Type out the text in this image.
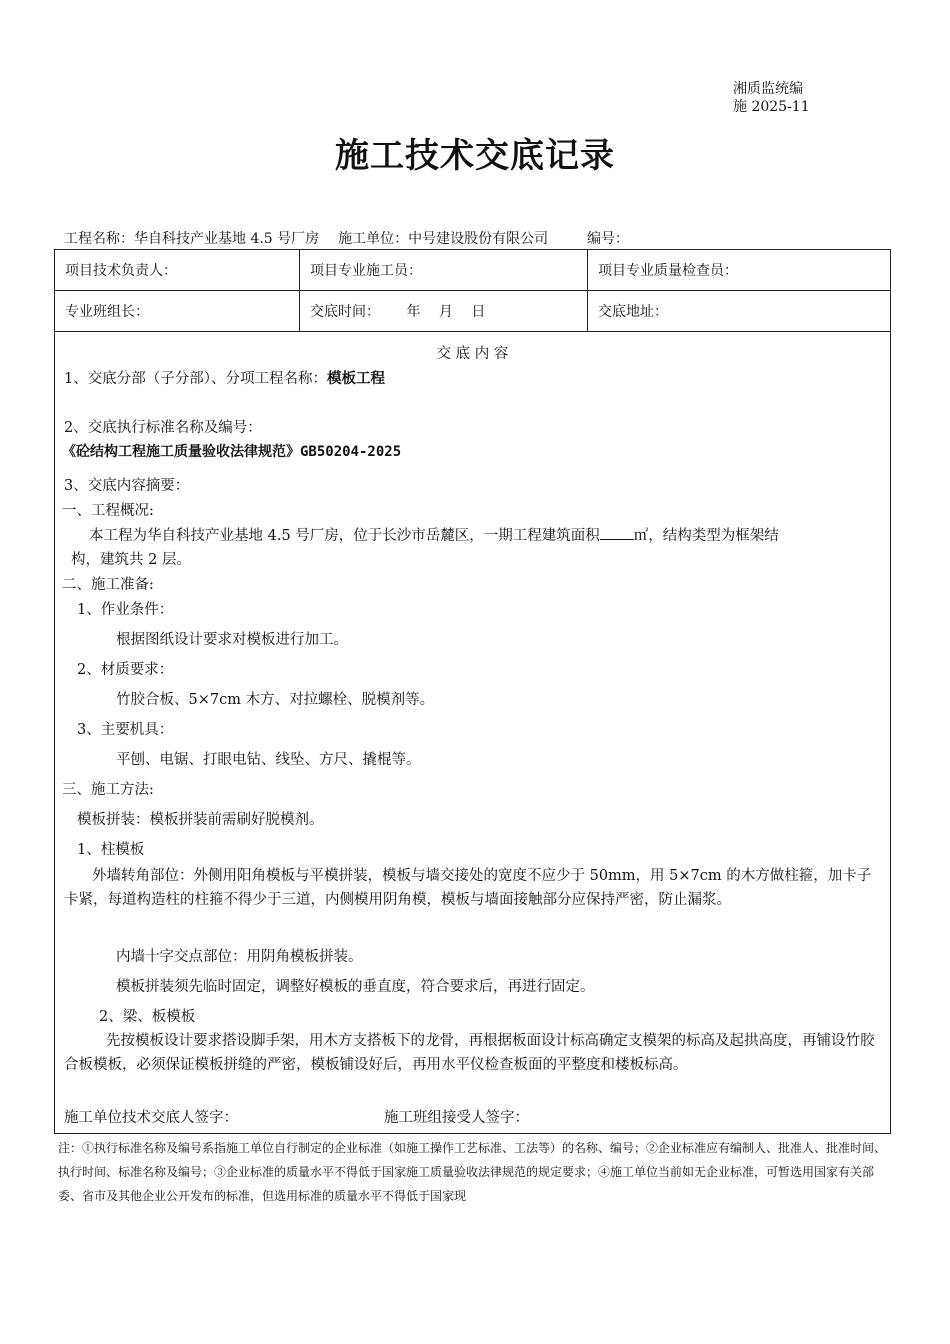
湘质监统编
施 2025-11
施工技术交底记录
工程名称：华自科技产业基地 4.5 号厂房 施工单位：中号建设股份有限公司	编号：
项目技术负责人：	项目专业施工员：	项目专业质量检查员：
专业班组长：	交底时间： 年 月 日	交底地址：
交 底 内 容
1、交底分部（子分部）、分项工程名称：模板工程
2、交底执行标准名称及编号：
《砼结构工程施工质量验收法律规范》GB50204-2025
3、交底内容摘要：
一、工程概况:
本工程为华自科技产业基地 4.5 号厂房，位于长沙市岳麓区，一期工程建筑面积 ㎡，结构类型为框架结
构，建筑共 2 层。
二、施工准备:
1、作业条件：
根据图纸设计要求对模板进行加工。
2、材质要求：
竹胶合板、5×7cm 木方、对拉螺栓、脱模剂等。
3、主要机具：
平刨、电锯、打眼电钻、线坠、方尺、撬棍等。
三、施工方法:
模板拼装：模板拼装前需刷好脱模剂。
1、柱模板
外墙转角部位：外侧用阳角模板与平模拼装，模板与墙交接处的宽度不应少于 50mm，用 5×7cm 的木方做柱箍，加卡子卡紧，每道构造柱的柱箍不得少于三道，内侧模用阴角模，模板与墙面接触部分应保持严密，防止漏浆。
内墙十字交点部位：用阴角模板拼装。
模板拼装须先临时固定，调整好模板的垂直度，符合要求后，再进行固定。
2、梁、板模板
先按模板设计要求搭设脚手架，用木方支搭板下的龙骨，再根据板面设计标高确定支模架的标高及起拱高度，再铺设竹胶合板模板，必须保证模板拼缝的严密，模板铺设好后，再用水平仪检查板面的平整度和楼板标高。
施工单位技术交底人签字：	施工班组接受人签字：
注：①执行标准名称及编号系指施工单位自行制定的企业标准（如施工操作工艺标准、工法等）的名称、编号；②企业标准应有编制人、批准人、批准时间、执行时间、标准名称及编号；③企业标准的质量水平不得低于国家施工质量验收法律规范的规定要求；④施工单位当前如无企业标准，可暂选用国家有关部委、省市及其他企业公开发布的标准，但选用标准的质量水平不得低于国家现
